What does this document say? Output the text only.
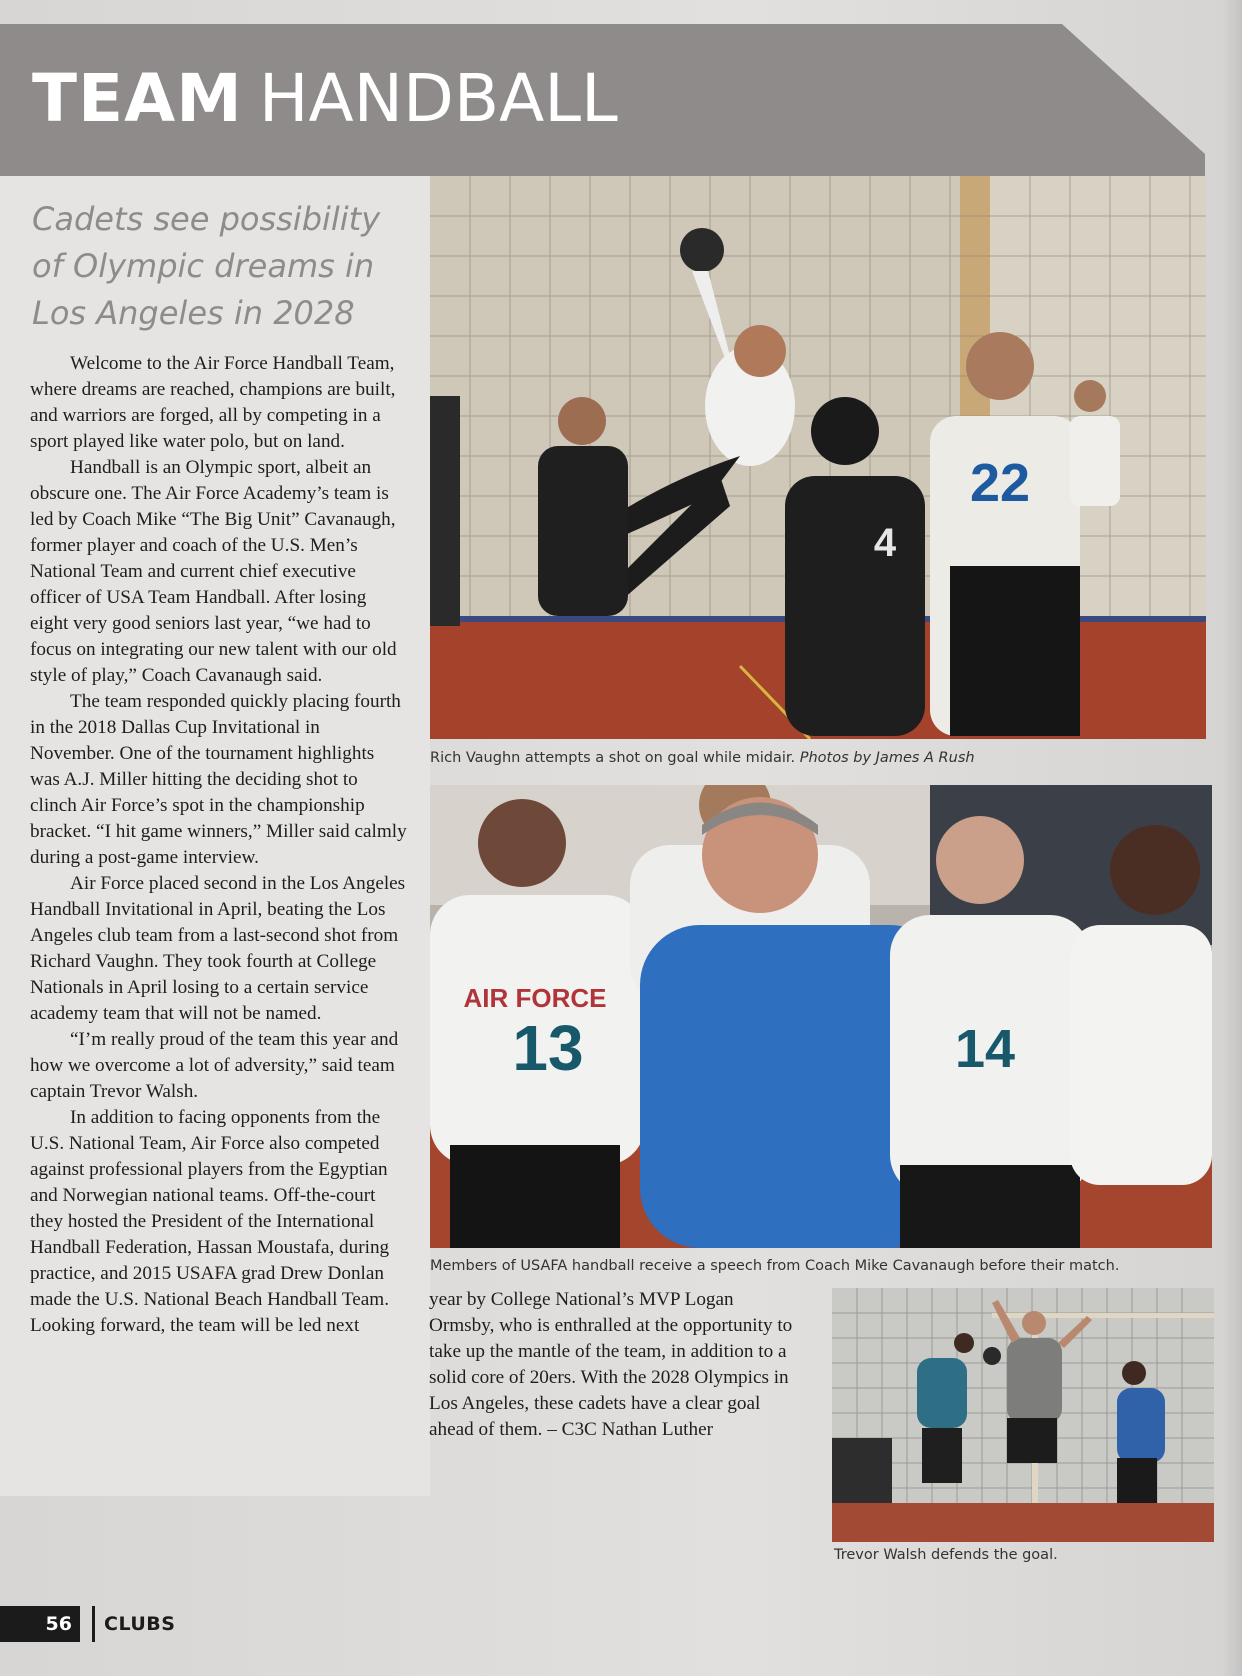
TEAM HANDBALL
Cadets see possibility
of Olympic dreams in
Los Angeles in 2028

Welcome to the Air Force Handball Team, where dreams are reached, champions are built, and warriors are forged, all by competing in a sport played like water polo, but on land.

Handball is an Olympic sport, albeit an obscure one. The Air Force Academy’s team is led by Coach Mike “The Big Unit” Cavanaugh, former player and coach of the U.S. Men’s National Team and current chief executive officer of USA Team Handball. After losing eight very good seniors last year, “we had to focus on integrating our new talent with our old style of play,” Coach Cavanaugh said.

The team responded quickly placing fourth in the 2018 Dallas Cup Invitational in November. One of the tournament highlights was A.J. Miller hitting the deciding shot to clinch Air Force’s spot in the championship bracket. “I hit game winners,” Miller said calmly during a post-game interview.

Air Force placed second in the Los Angeles Handball Invitational in April, beating the Los Angeles club team from a last-second shot from Richard Vaughn. They took fourth at College Nationals in April losing to a certain service academy team that will not be named.

“I’m really proud of the team this year and how we overcome a lot of adversity,” said team captain Trevor Walsh.

In addition to facing opponents from the U.S. National Team, Air Force also competed against professional players from the Egyptian and Norwegian national teams. Off-the-court they hosted the President of the International Handball Federation, Hassan Moustafa, during practice, and 2015 USAFA grad Drew Donlan made the U.S. National Beach Handball Team. Looking forward, the team will be led next

year by College National’s MVP Logan Ormsby, who is enthralled at the opportunity to take up the mantle of the team, in addition to a solid core of 20ers. With the 2028 Olympics in Los Angeles, these cadets have a clear goal ahead of them. – C3C Nathan Luther

22
4
Rich Vaughn attempts a shot on goal while midair. Photos by James A Rush
AIR FORCE
13	14
Members of USAFA handball receive a speech from Coach Mike Cavanaugh before their match.
Trevor Walsh defends the goal.
56	CLUBS
